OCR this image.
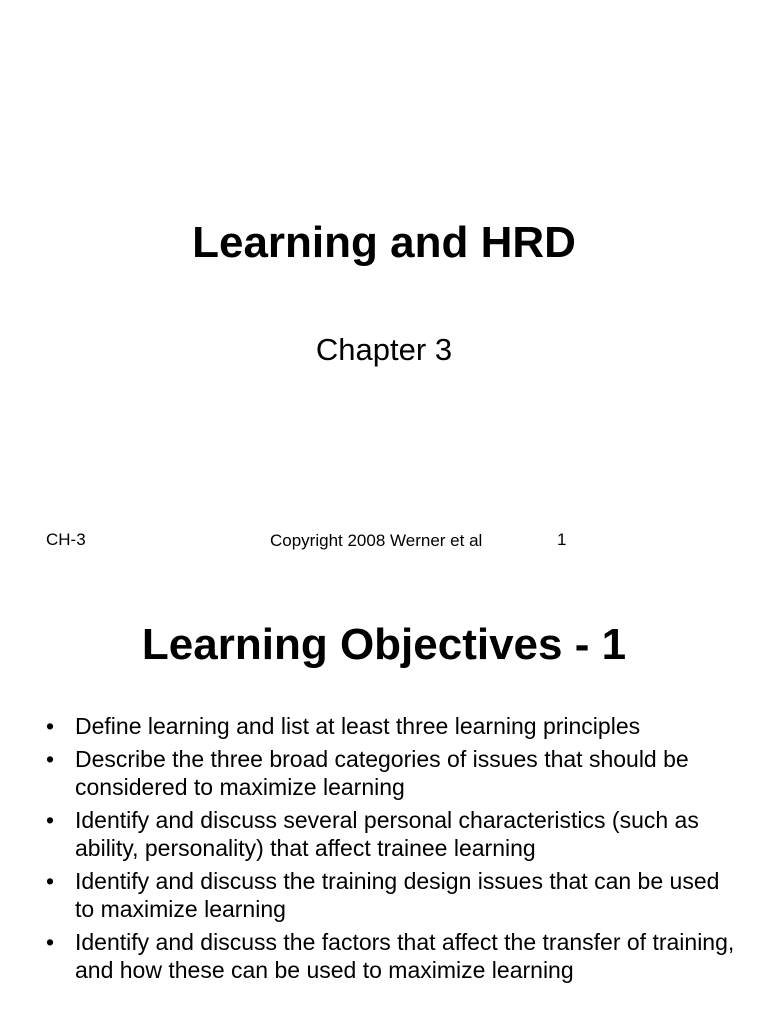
Learning and HRD
Chapter 3
CH-3	Copyright 2008 Werner et al	1
Learning Objectives - 1
• Define learning and list at least three learning principles
• Describe the three broad categories of issues that should be considered to maximize learning
• Identify and discuss several personal characteristics (such as ability, personality) that affect trainee learning
• Identify and discuss the training design issues that can be used to maximize learning
• Identify and discuss the factors that affect the transfer of training, and how these can be used to maximize learning
